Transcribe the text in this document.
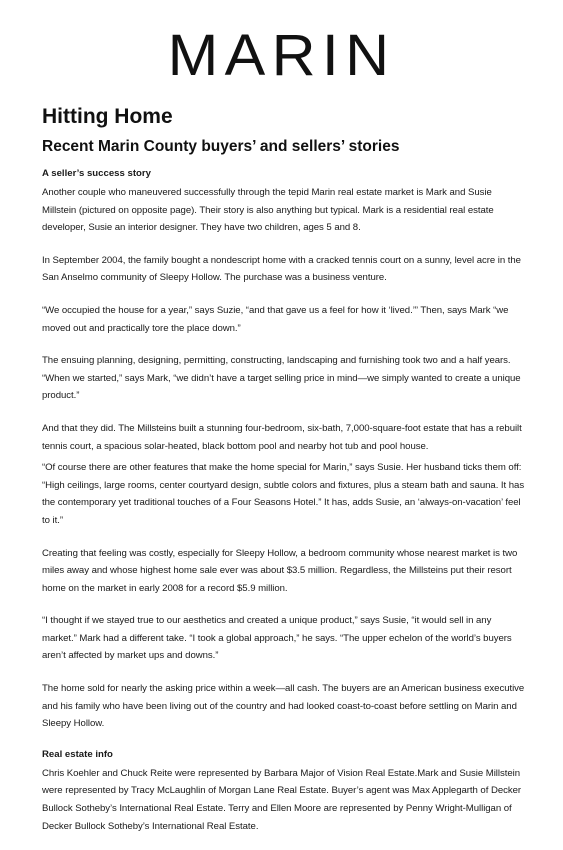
MARIN
Hitting Home
Recent Marin County buyers’ and sellers’ stories
A seller’s success story

Another couple who maneuvered successfully through the tepid Marin real estate market is Mark and Susie Millstein (pictured on opposite page). Their story is also anything but typical. Mark is a residential real estate developer, Susie an interior designer. They have two children, ages 5 and 8.

In September 2004, the family bought a nondescript home with a cracked tennis court on a sunny, level acre in the San Anselmo community of Sleepy Hollow. The purchase was a business venture.

“We occupied the house for a year,” says Suzie, “and that gave us a feel for how it ‘lived.’” Then, says Mark “we moved out and practically tore the place down.”

The ensuing planning, designing, permitting, constructing, landscaping and furnishing took two and a half years. “When we started,” says Mark, “we didn’t have a target selling price in mind—we simply wanted to create a unique product.”

And that they did. The Millsteins built a stunning four-bedroom, six-bath, 7,000-square-foot estate that has a rebuilt tennis court, a spacious solar-heated, black bottom pool and nearby hot tub and pool house.

“Of course there are other features that make the home special for Marin,” says Susie. Her husband ticks them off: “High ceilings, large rooms, center courtyard design, subtle colors and fixtures, plus a steam bath and sauna. It has the contemporary yet traditional touches of a Four Seasons Hotel.” It has, adds Susie, an ‘always-on-vacation’ feel to it.”

Creating that feeling was costly, especially for Sleepy Hollow, a bedroom community whose nearest market is two miles away and whose highest home sale ever was about $3.5 million. Regardless, the Millsteins put their resort home on the market in early 2008 for a record $5.9 million.

“I thought if we stayed true to our aesthetics and created a unique product,” says Susie, “it would sell in any market.” Mark had a different take. “I took a global approach,” he says. “The upper echelon of the world’s buyers aren’t affected by market ups and downs.”

The home sold for nearly the asking price within a week—all cash. The buyers are an American business executive and his family who have been living out of the country and had looked coast-to-coast before settling on Marin and Sleepy Hollow.

Real estate info

Chris Koehler and Chuck Reite were represented by Barbara Major of Vision Real Estate.Mark and Susie Millstein were represented by Tracy McLaughlin of Morgan Lane Real Estate. Buyer’s agent was Max Applegarth of Decker Bullock Sotheby’s International Real Estate. Terry and Ellen Moore are represented by Penny Wright-Mulligan of Decker Bullock Sotheby’s International Real Estate.
